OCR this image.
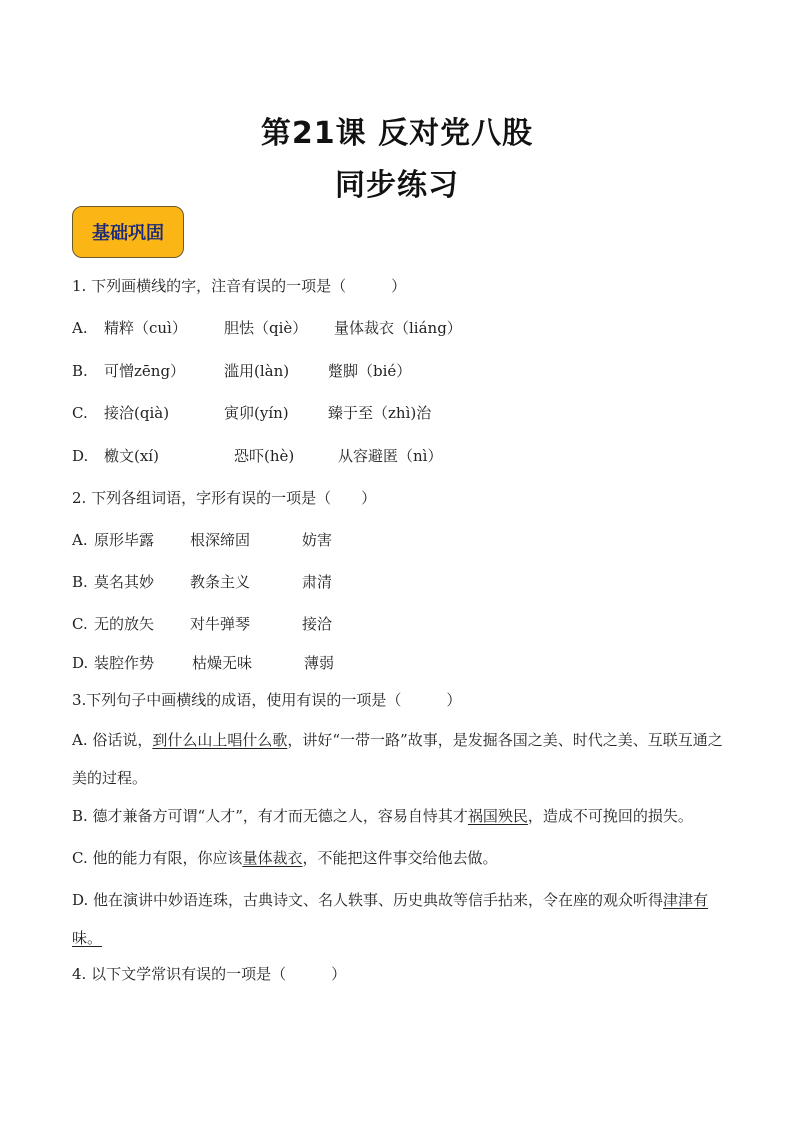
第21课 反对党八股
同步练习
基础巩固
1. 下列画横线的字，注音有误的一项是（　　　）
A. 精粹（cuì） 胆怯（qiè） 量体裁衣（liáng）
B. 可憎zēng）	滥用(làn)	蹩脚（bié）
C. 接洽(qià)	寅卯(yín)	臻于至（zhì)治
D. 檄文(xí)	恐吓(hè)	从容避匿（nì）
2. 下列各组词语，字形有误的一项是（　　）
A. 原形毕露 根深缔固	妨害
B. 莫名其妙 教条主义	肃清
C. 无的放矢 对牛弹琴	接洽
D. 装腔作势	枯燥无味	薄弱
3.下列句子中画横线的成语，使用有误的一项是（　　　）
A. 俗话说，到什么山上唱什么歌，讲好“一带一路”故事，是发掘各国之美、时代之美、互联互通之美的过程。
B. 德才兼备方可谓“人才”，有才而无德之人，容易自恃其才祸国殃民，造成不可挽回的损失。
C. 他的能力有限，你应该量体裁衣，不能把这件事交给他去做。
D. 他在演讲中妙语连珠，古典诗文、名人轶事、历史典故等信手拈来，令在座的观众听得津津有味。
4. 以下文学常识有误的一项是（　　　）
